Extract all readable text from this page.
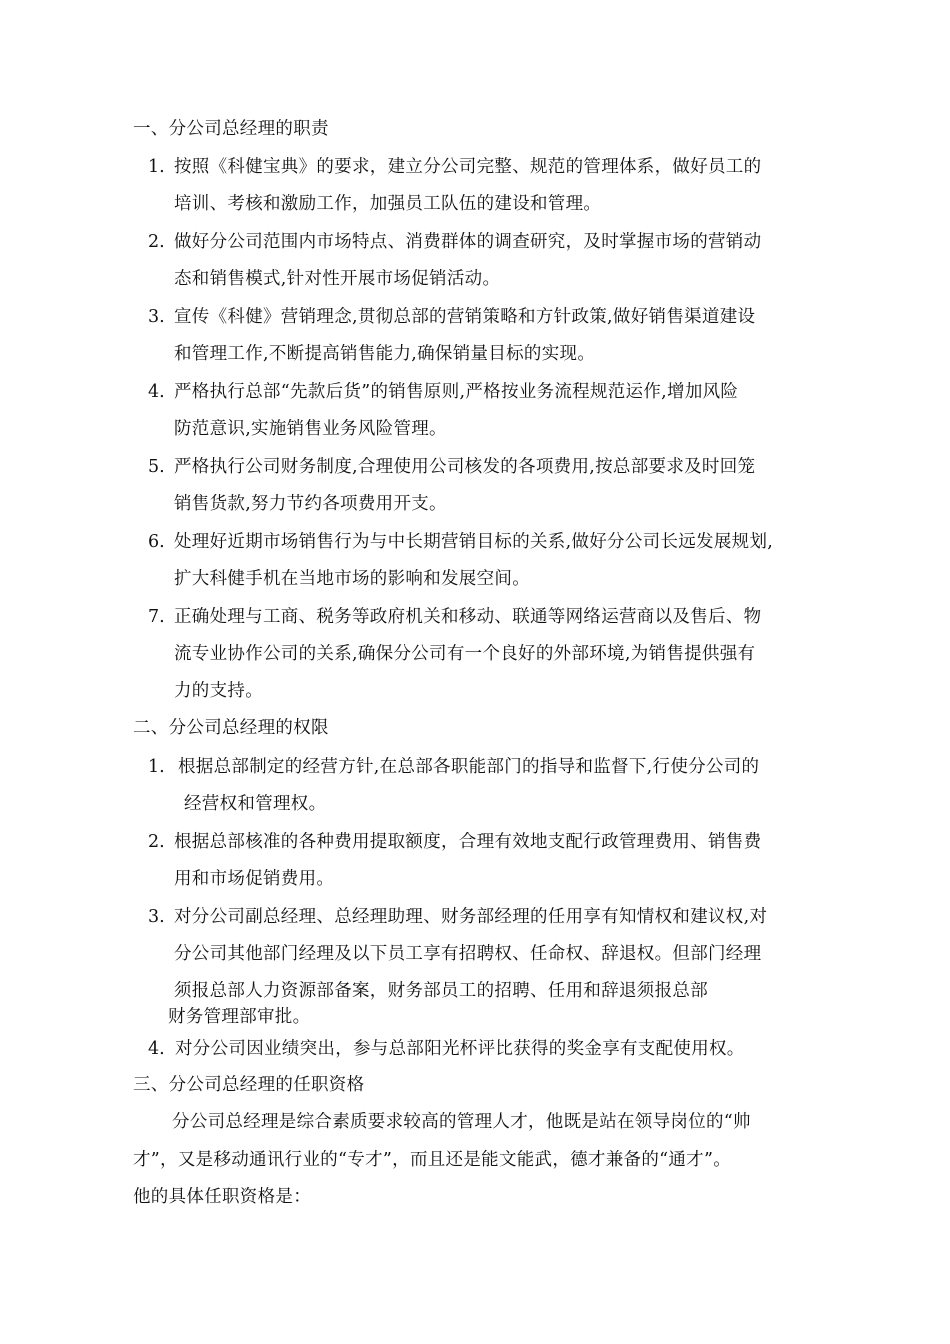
一、分公司总经理的职责
1. 按照《科健宝典》的要求，建立分公司完整、规范的管理体系，做好员工的
培训、考核和激励工作，加强员工队伍的建设和管理。
2. 做好分公司范围内市场特点、消费群体的调查研究，及时掌握市场的营销动
态和销售模式,针对性开展市场促销活动。
3. 宣传《科健》营销理念,贯彻总部的营销策略和方针政策,做好销售渠道建设
和管理工作,不断提高销售能力,确保销量目标的实现。
4. 严格执行总部“先款后货”的销售原则,严格按业务流程规范运作,增加风险
防范意识,实施销售业务风险管理。
5. 严格执行公司财务制度,合理使用公司核发的各项费用,按总部要求及时回笼
销售货款,努力节约各项费用开支。
6. 处理好近期市场销售行为与中长期营销目标的关系,做好分公司长远发展规划,
扩大科健手机在当地市场的影响和发展空间。
7. 正确处理与工商、税务等政府机关和移动、联通等网络运营商以及售后、物
流专业协作公司的关系,确保分公司有一个良好的外部环境,为销售提供强有
力的支持。
二、分公司总经理的权限
1. 根据总部制定的经营方针,在总部各职能部门的指导和监督下,行使分公司的
经营权和管理权。
2. 根据总部核准的各种费用提取额度，合理有效地支配行政管理费用、销售费
用和市场促销费用。
3. 对分公司副总经理、总经理助理、财务部经理的任用享有知情权和建议权,对
分公司其他部门经理及以下员工享有招聘权、任命权、辞退权。但部门经理
须报总部人力资源部备案，财务部员工的招聘、任用和辞退须报总部
财务管理部审批。
4. 对分公司因业绩突出，参与总部阳光杯评比获得的奖金享有支配使用权。
三、分公司总经理的任职资格
分公司总经理是综合素质要求较高的管理人才，他既是站在领导岗位的“帅
才”，又是移动通讯行业的“专才”，而且还是能文能武，德才兼备的“通才”。
他的具体任职资格是：
